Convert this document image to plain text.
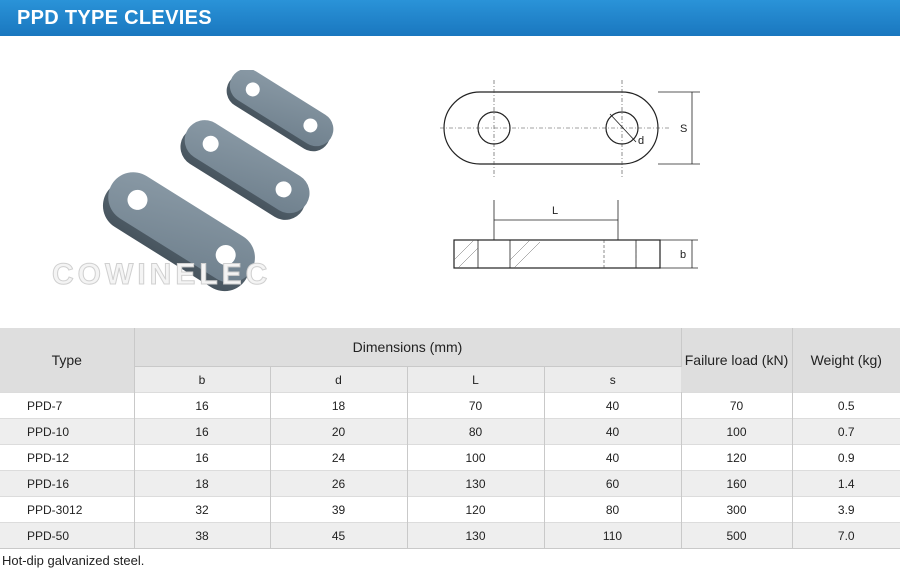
PPD TYPE CLEVIES
COWINELEC
S
d
L
b
Type	Dimensions (mm)				Failure load (kN)	Weight (kg)
	b	d	L	s		
PPD-7	16	18	70	40	70	0.5
PPD-10	16	20	80	40	100	0.7
PPD-12	16	24	100	40	120	0.9
PPD-16	18	26	130	60	160	1.4
PPD-3012	32	39	120	80	300	3.9
PPD-50	38	45	130	110	500	7.0
Hot-dip galvanized steel.
